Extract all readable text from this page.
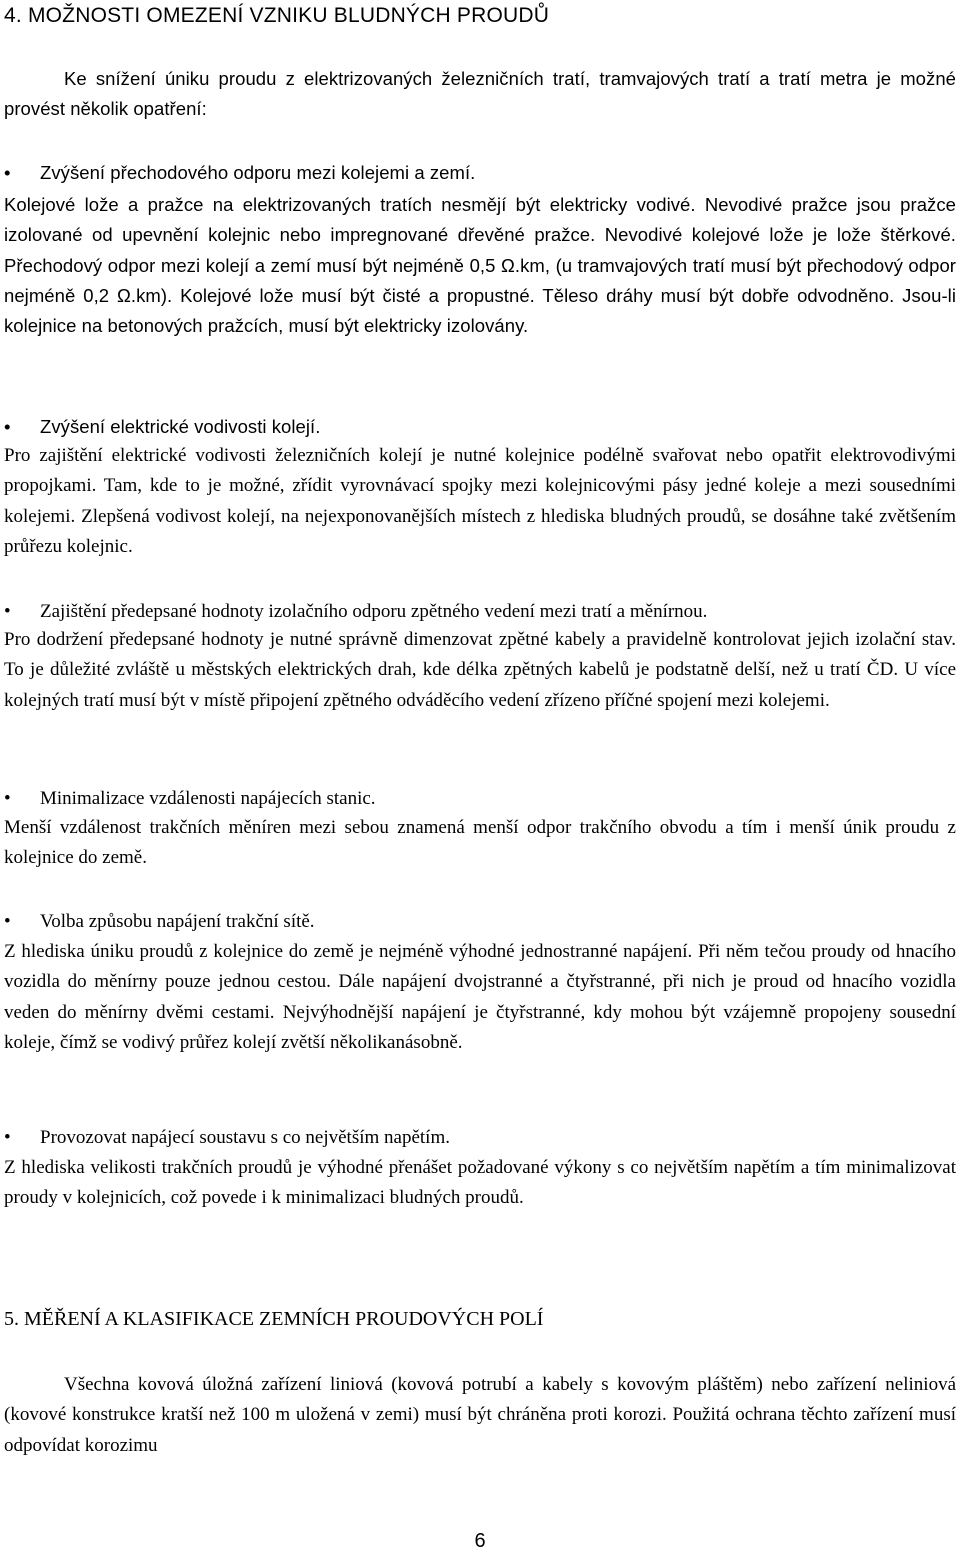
4. MOŽNOSTI OMEZENÍ VZNIKU BLUDNÝCH PROUDŮ

Ke snížení úniku proudu z elektrizovaných železničních tratí, tramvajových tratí a tratí metra je možné provést několik opatření:

•	Zvýšení přechodového odporu mezi kolejemi a zemí.

Kolejové lože a pražce na elektrizovaných tratích nesmějí být elektricky vodivé. Nevodivé pražce jsou pražce izolované od upevnění kolejnic nebo impregnované dřevěné pražce. Nevodivé kolejové lože je lože štěrkové. Přechodový odpor mezi kolejí a zemí musí být nejméně 0,5 Ω.km, (u tramvajových tratí musí být přechodový odpor nejméně 0,2 Ω.km). Kolejové lože musí být čisté a propustné. Těleso dráhy musí být dobře odvodněno. Jsou-li kolejnice na betonových pražcích, musí být elektricky izolovány.

•	Zvýšení elektrické vodivosti kolejí.

Pro zajištění elektrické vodivosti železničních kolejí je nutné kolejnice podélně svařovat nebo opatřit elektrovodivými propojkami. Tam, kde to je možné, zřídit vyrovnávací spojky mezi kolejnicovými pásy jedné koleje a mezi sousedními kolejemi. Zlepšená vodivost kolejí, na nejexponovanějších místech z hlediska bludných proudů, se dosáhne také zvětšením průřezu kolejnic.

•	Zajištění předepsané hodnoty izolačního odporu zpětného vedení mezi tratí a měnírnou.

Pro dodržení předepsané hodnoty je nutné správně dimenzovat zpětné kabely a pravidelně kontrolovat jejich izolační stav. To je důležité zvláště u městských elektrických drah, kde délka zpětných kabelů je podstatně delší, než u tratí ČD. U více kolejných tratí musí být v místě připojení zpětného odváděcího vedení zřízeno příčné spojení mezi kolejemi.

•	Minimalizace vzdálenosti napájecích stanic.

Menší vzdálenost trakčních měníren mezi sebou znamená menší odpor trakčního obvodu a tím i menší únik proudu z kolejnice do země.

•	Volba způsobu napájení trakční sítě.

Z hlediska úniku proudů z kolejnice do země je nejméně výhodné jednostranné napájení. Při něm tečou proudy od hnacího vozidla do měnírny pouze jednou cestou. Dále napájení dvojstranné a čtyřstranné, při nich je proud od hnacího vozidla veden do měnírny dvěmi cestami. Nejvýhodnější napájení je čtyřstranné, kdy mohou být vzájemně propojeny sousední koleje, čímž se vodivý průřez kolejí zvětší několikanásobně.

•	Provozovat napájecí soustavu s co největším napětím.

Z hlediska velikosti trakčních proudů je výhodné přenášet požadované výkony s co největším napětím a tím minimalizovat proudy v kolejnicích, což povede i k minimalizaci bludných proudů.

5. MĚŘENÍ A KLASIFIKACE ZEMNÍCH PROUDOVÝCH POLÍ

Všechna kovová úložná zařízení liniová (kovová potrubí a kabely s kovovým pláštěm) nebo zařízení neliniová (kovové konstrukce kratší než 100 m uložená v zemi) musí být chráněna proti korozi. Použitá ochrana těchto zařízení musí odpovídat korozimu

6
